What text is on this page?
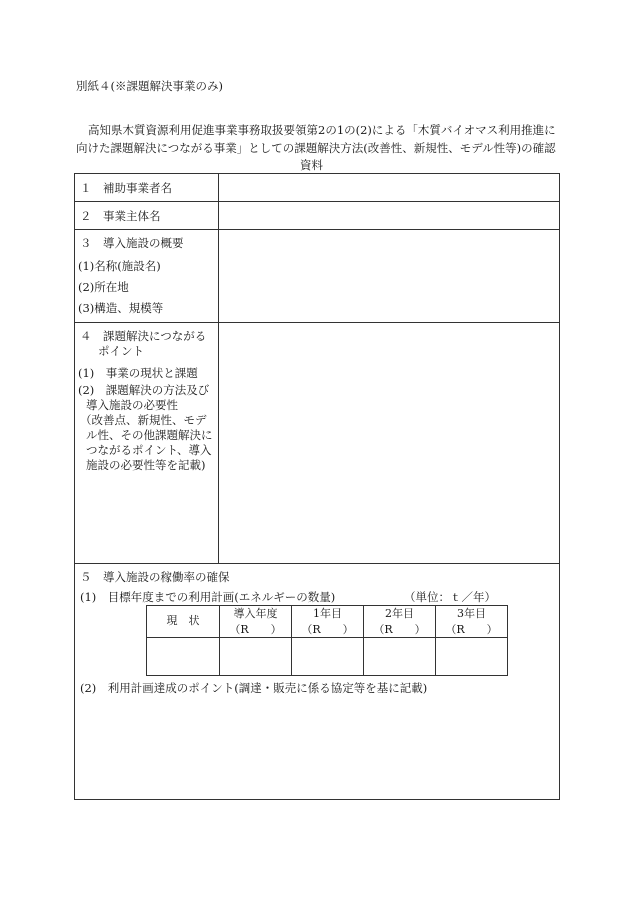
別紙４(※課題解決事業のみ)
高知県木質資源利用促進事業事務取扱要領第2の1の(2)による「木質バイオマス利用推進に
向けた課題解決につながる事業」としての課題解決方法(改善性、新規性、モデル性等)の確認
資料
１　補助事業者名
２　事業主体名
３　導入施設の概要
(1)名称(施設名)
(2)所在地
(3)構造、規模等
４　課題解決につながる
ポイント
(1)　事業の現状と課題
(2)　課題解決の方法及び
導入施設の必要性
（改善点、新規性、モデ
ル性、その他課題解決に
つながるポイント、導入
施設の必要性等を記載)
５　導入施設の稼働率の確保
(1)　目標年度までの利用計画(エネルギーの数量)	（単位：ｔ／年）
現　状
導入年度
（R　　）
1年目
（R　　）
2年目
（R　　）
3年目
（R　　）
(2)　利用計画達成のポイント(調達・販売に係る協定等を基に記載)
